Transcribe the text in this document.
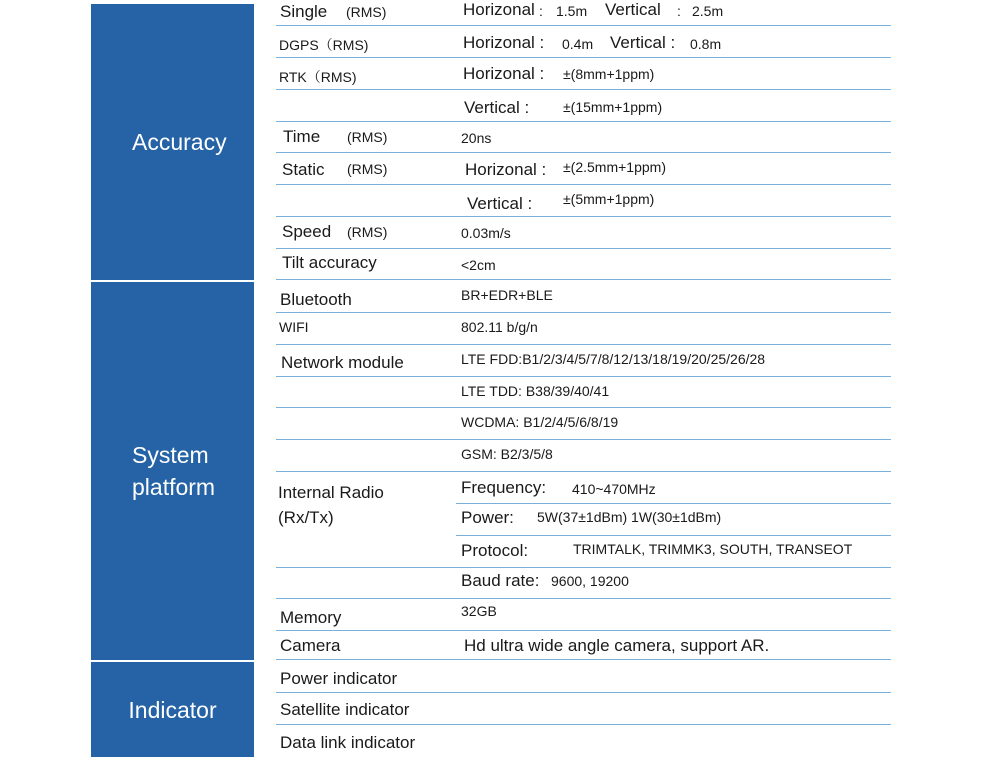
Accuracy
System
platform
Indicator
Single (RMS)	Horizonal : 1.5m Vertical : 2.5m
DGPS（RMS)	Horizonal : 0.4m Vertical : 0.8m
RTK（RMS)	Horizonal : ±(8mm+1ppm)
Vertical : ±(15mm+1ppm)
Time (RMS)	20ns
Static (RMS)	Horizonal : ±(2.5mm+1ppm)
Vertical : ±(5mm+1ppm)
Speed (RMS)	0.03m/s
Tilt accuracy	<2cm
Bluetooth	BR+EDR+BLE
WIFI	802.11 b/g/n
Network module	LTE FDD:B1/2/3/4/5/7/8/12/13/18/19/20/25/26/28
LTE TDD: B38/39/40/41
WCDMA: B1/2/4/5/6/8/19
GSM: B2/3/5/8
Internal Radio
(Rx/Tx)
Frequency: 410~470MHz
Power: 5W(37±1dBm) 1W(30±1dBm)
Protocol:	TRIMTALK, TRIMMK3, SOUTH, TRANSEOT
Baud rate: 9600, 19200
Memory	32GB
Camera	Hd ultra wide angle camera, support AR.
Power indicator
Satellite indicator
Data link indicator
